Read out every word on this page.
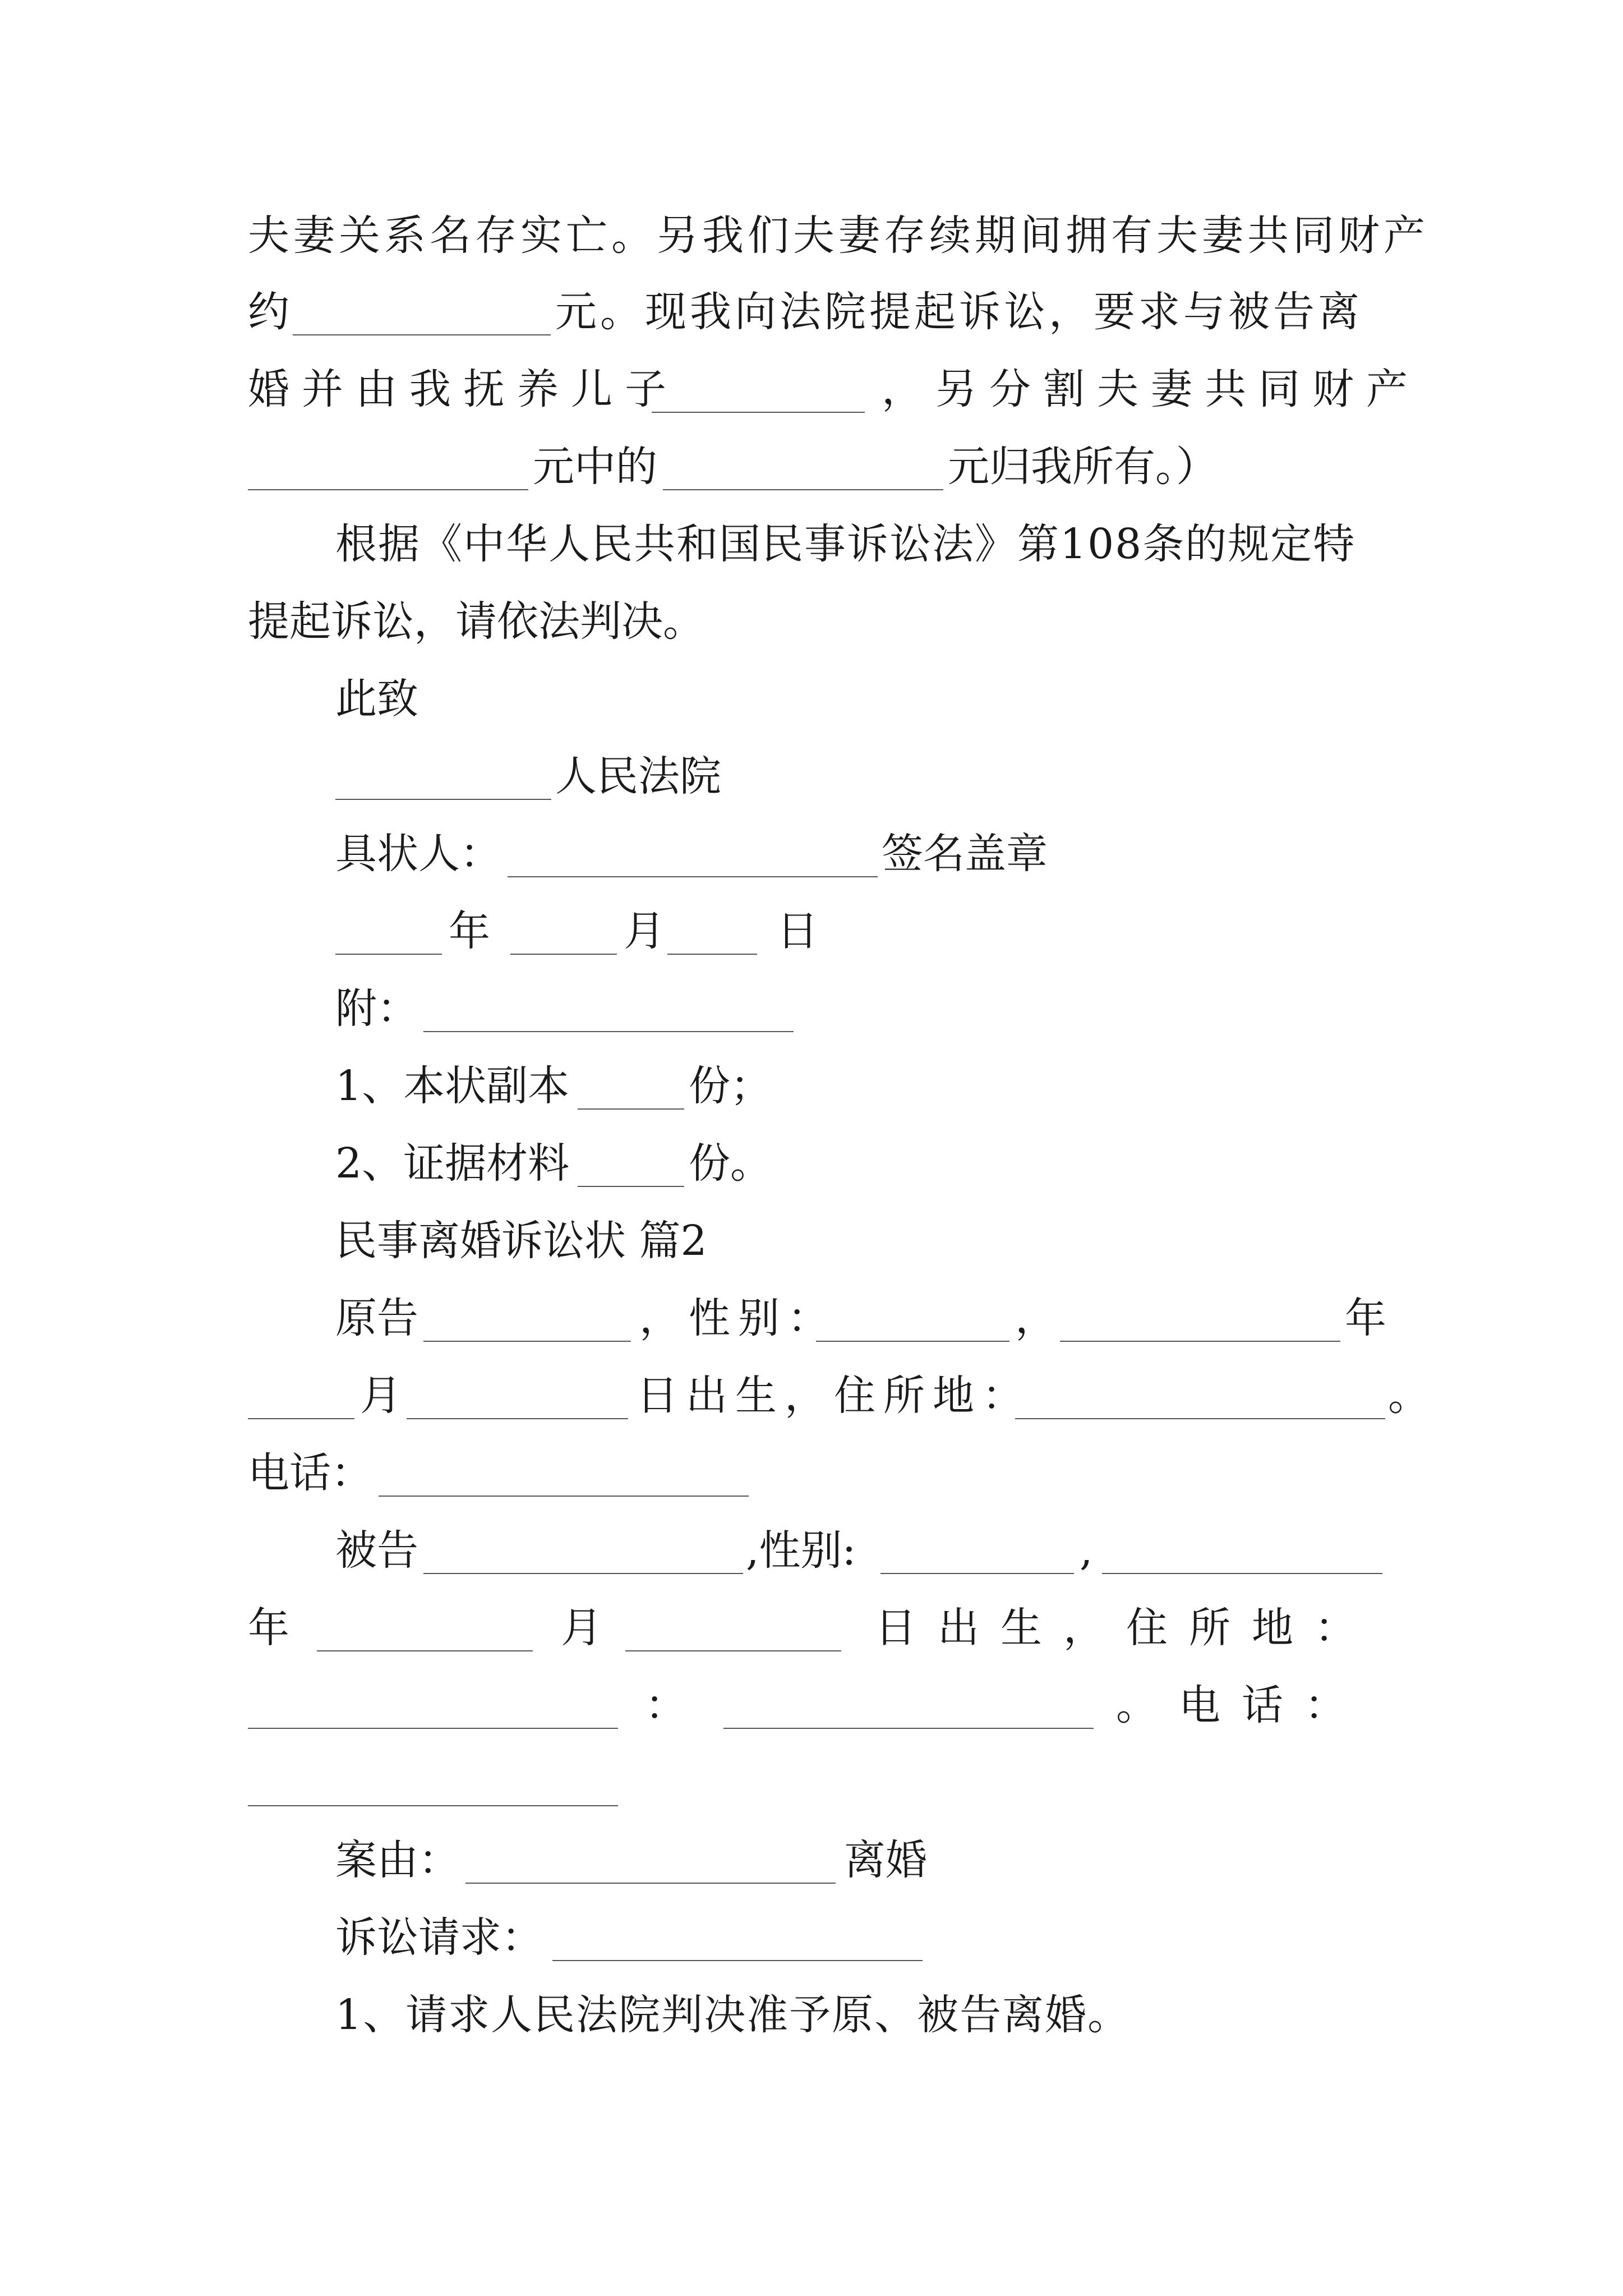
夫妻关系名存实亡。另我们夫妻存续期间拥有夫妻共同财产
约	元。现我向法院提起诉讼，要求与被告离
婚并由我抚养儿子	，另分割夫妻共同财产
元中的	元归我所有。）
根据《中华人民共和国民事诉讼法》第108条的规定特
提起诉讼，请依法判决。
此致
人民法院
具状人：	签名盖章
年	月	日
附：
1、本状副本	份；
2、证据材料	份。
民事离婚诉讼状 篇2
原告	，性别：	，	年
月	日出生，住所地：	。
电话：
被告	,性别:	,
年	月	日出生，住所地：
：	。电话：
案由：	离婚
诉讼请求：
1、请求人民法院判决准予原、被告离婚。
